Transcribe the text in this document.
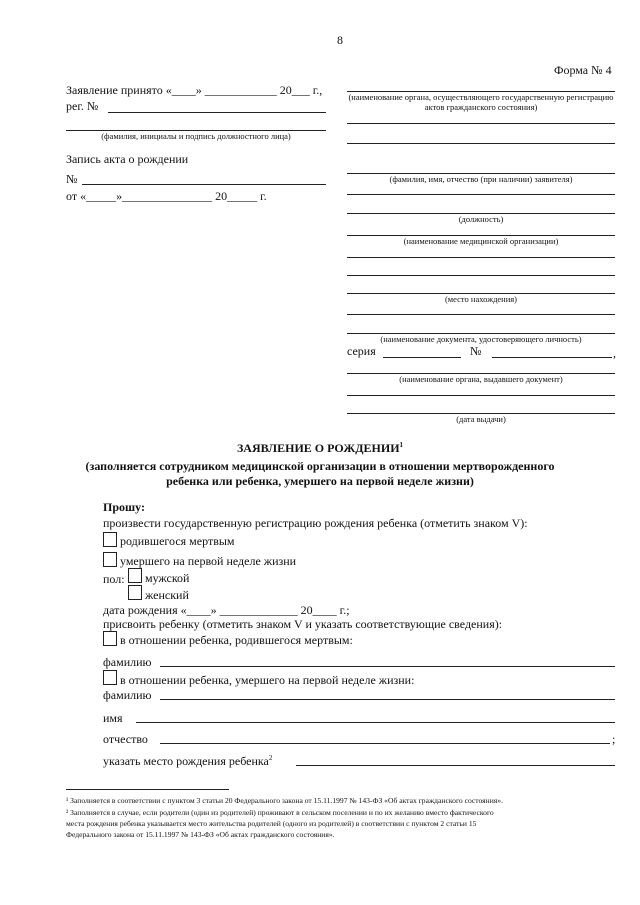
8
Форма № 4
Заявление принято «____» ____________ 20___ г.,
рег. №
(фамилия, инициалы и подпись должностного лица)
Запись акта о рождении
№
от «_____»_______________ 20_____ г.
(наименование органа, осуществляющего государственную регистрацию актов гражданского состояния)
(фамилия, имя, отчество (при наличии) заявителя)
(должность)
(наименование медицинской организации)
(место нахождения)
(наименование документа, удостоверяющего личность)
серия	№	,
(наименование органа, выдавшего документ)
(дата выдачи)
ЗАЯВЛЕНИЕ О РОЖДЕНИИ$^1$
(заполняется сотрудником медицинской организации в отношении мертворожденного
ребенка или ребенка, умершего на первой неделе жизни)
Прошу:
произвести государственную регистрацию рождения ребенка (отметить знаком V):
родившегося мертвым
умершего на первой неделе жизни
пол: мужской
женский
дата рождения «____» _____________ 20____ г.;
присвоить ребенку (отметить знаком V и указать соответствующие сведения):
в отношении ребенка, родившегося мертвым:
фамилию
в отношении ребенка, умершего на первой неделе жизни:
фамилию
имя
отчество	;
указать место рождения ребенка$^2$
¹ Заполняется в соответствии с пунктом 3 статьи 20 Федерального закона от 15.11.1997 № 143-ФЗ «Об актах гражданского состояния».
² Заполняется в случае, если родители (один из родителей) проживают в сельском поселении и по их желанию вместо фактического
места рождения ребенка указывается место жительства родителей (одного из родителей) в соответствии с пунктом 2 статьи 15
Федерального закона от 15.11.1997 № 143-ФЗ «Об актах гражданского состояния».
